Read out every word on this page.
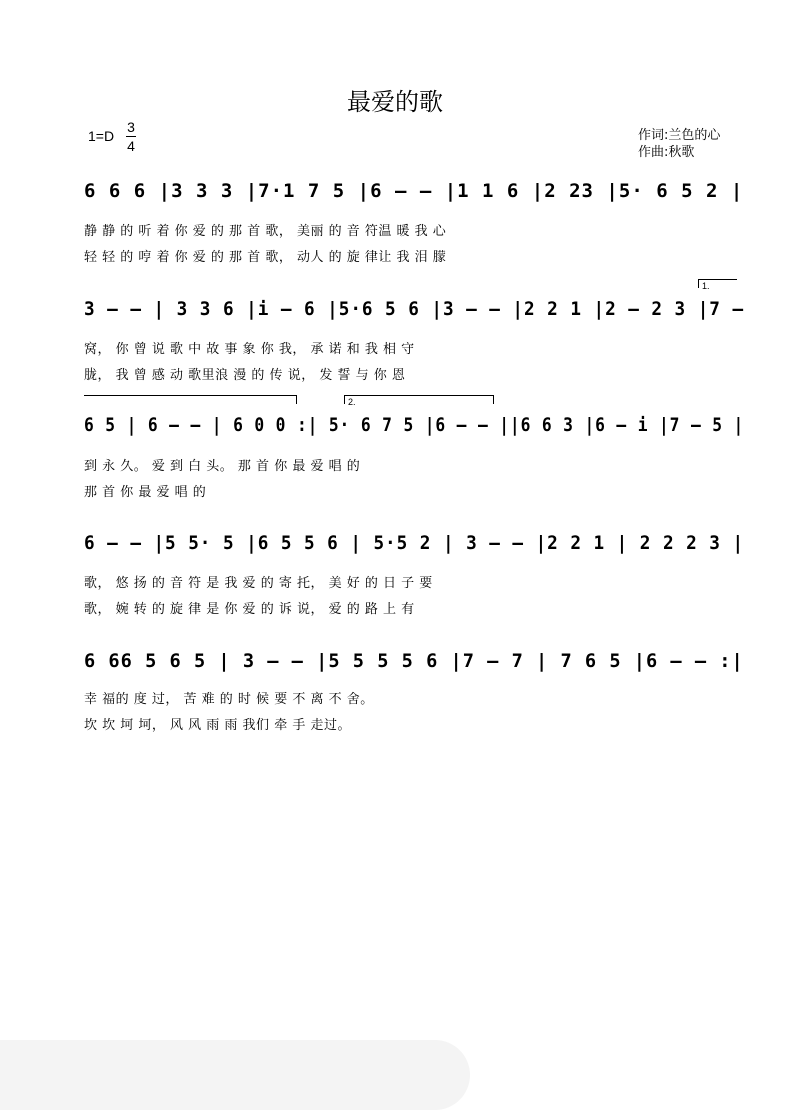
最爱的歌
1=D
3
4
作词:兰色的心
作曲:秋歌
6 6 6 |3 3 3 |7·1 7 5 |6 – – |1 1 6 |2 23 |5· 6 5 2 |
静 静 的 听 着 你 爱 的 那 首 歌， 美丽 的 音 符温 暖 我 心
轻 轻 的 哼 着 你 爱 的 那 首 歌， 动人 的 旋 律让 我 泪 朦
1.
3 – – | 3 3 6 |i – 6 |5·6 5 6 |3 – – |2 2 1 |2 – 2 3 |7 –
窝， 你 曾 说 歌 中 故 事 象 你 我， 承 诺 和 我 相 守
胧， 我 曾 感 动 歌里浪 漫 的 传 说， 发 誓 与 你 恩
2.
6 5 | 6 – – | 6 0 0 :| 5· 6 7 5 |6 – – ||6 6 3 |6 – i |7 – 5 |
到 永 久。 爱 到 白 头。 那 首 你 最 爱 唱 的
那 首 你 最 爱 唱 的
6 – – |5 5· 5 |6 5 5 6 | 5·5 2 | 3 – – |2 2 1 | 2 2 2 3 |
歌， 悠 扬 的 音 符 是 我 爱 的 寄 托， 美 好 的 日 子 要
歌， 婉 转 的 旋 律 是 你 爱 的 诉 说， 爱 的 路 上 有
6 66 5 6 5 | 3 – – |5 5 5 5 6 |7 – 7 | 7 6 5 |6 – – :|
幸 福的 度 过， 苦 难 的 时 候 要 不 离 不 舍。
坎 坎 坷 坷， 风 风 雨 雨 我们 牵 手 走过。
